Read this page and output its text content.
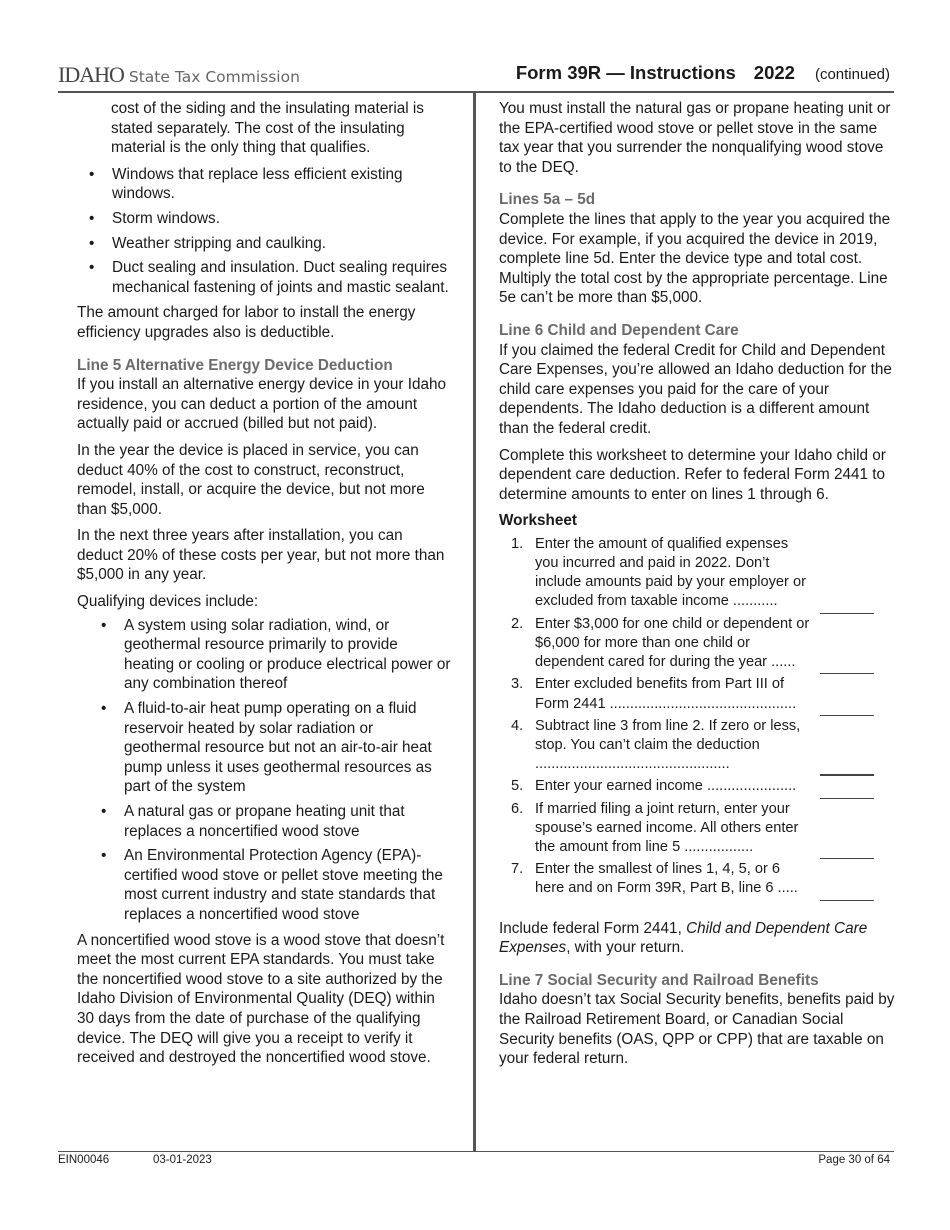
IDAHO State Tax Commission	Form 39R — Instructions 2022 (continued)

cost of the siding and the insulating material is stated separately. The cost of the insulating material is the only thing that qualifies.

• Windows that replace less efficient existing windows.
• Storm windows.
• Weather stripping and caulking.
• Duct sealing and insulation. Duct sealing requires mechanical fastening of joints and mastic sealant.

The amount charged for labor to install the energy efficiency upgrades also is deductible.

Line 5 Alternative Energy Device Deduction

If you install an alternative energy device in your Idaho residence, you can deduct a portion of the amount actually paid or accrued (billed but not paid).

In the year the device is placed in service, you can deduct 40% of the cost to construct, reconstruct, remodel, install, or acquire the device, but not more than $5,000.

In the next three years after installation, you can deduct 20% of these costs per year, but not more than $5,000 in any year.

Qualifying devices include:

• A system using solar radiation, wind, or geothermal resource primarily to provide heating or cooling or produce electrical power or any combination thereof
• A fluid-to-air heat pump operating on a fluid reservoir heated by solar radiation or geothermal resource but not an air-to-air heat pump unless it uses geothermal resources as part of the system
• A natural gas or propane heating unit that replaces a noncertified wood stove
• An Environmental Protection Agency (EPA)-certified wood stove or pellet stove meeting the most current industry and state standards that replaces a noncertified wood stove

A noncertified wood stove is a wood stove that doesn’t meet the most current EPA standards. You must take the noncertified wood stove to a site authorized by the Idaho Division of Environmental Quality (DEQ) within 30 days from the date of purchase of the qualifying device. The DEQ will give you a receipt to verify it received and destroyed the noncertified wood stove.

You must install the natural gas or propane heating unit or the EPA-certified wood stove or pellet stove in the same tax year that you surrender the nonqualifying wood stove to the DEQ.

Lines 5a – 5d

Complete the lines that apply to the year you acquired the device. For example, if you acquired the device in 2019, complete line 5d. Enter the device type and total cost. Multiply the total cost by the appropriate percentage. Line 5e can’t be more than $5,000.

Line 6 Child and Dependent Care

If you claimed the federal Credit for Child and Dependent Care Expenses, you’re allowed an Idaho deduction for the child care expenses you paid for the care of your dependents. The Idaho deduction is a different amount than the federal credit.

Complete this worksheet to determine your Idaho child or dependent care deduction. Refer to federal Form 2441 to determine amounts to enter on lines 1 through 6.

Worksheet
1. Enter the amount of qualified expenses you incurred and paid in 2022. Don’t include amounts paid by your employer or excluded from taxable income ...........
2. Enter $3,000 for one child or dependent or $6,000 for more than one child or dependent cared for during the year ......
3. Enter excluded benefits from Part III of Form 2441 ..............................................
4. Subtract line 3 from line 2. If zero or less, stop. You can’t claim the deduction ................................................
5. Enter your earned income ......................
6. If married filing a joint return, enter your spouse’s earned income. All others enter the amount from line 5 .................
7. Enter the smallest of lines 1, 4, 5, or 6 here and on Form 39R, Part B, line 6 .....

Include federal Form 2441, Child and Dependent Care Expenses, with your return.

Line 7 Social Security and Railroad Benefits

Idaho doesn’t tax Social Security benefits, benefits paid by the Railroad Retirement Board, or Canadian Social Security benefits (OAS, QPP or CPP) that are taxable on your federal return.

EIN00046	03-01-2023	Page 30 of 64
